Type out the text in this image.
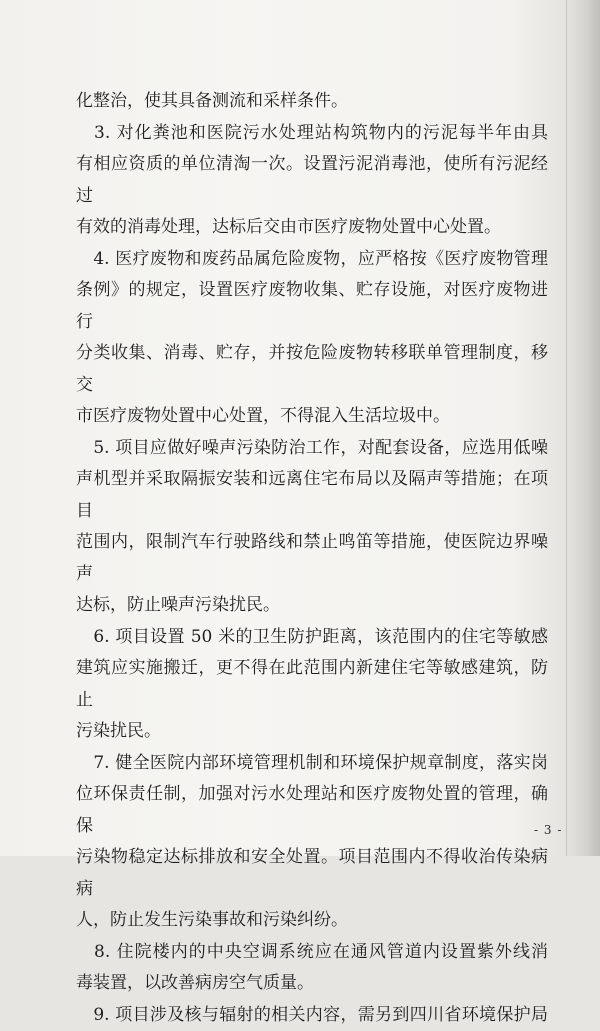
化整治，使其具备测流和采样条件。

　3. 对化粪池和医院污水处理站构筑物内的污泥每半年由具

有相应资质的单位清淘一次。设置污泥消毒池，使所有污泥经过

有效的消毒处理，达标后交由市医疗废物处置中心处置。

　4. 医疗废物和废药品属危险废物，应严格按《医疗废物管理

条例》的规定，设置医疗废物收集、贮存设施，对医疗废物进行

分类收集、消毒、贮存，并按危险废物转移联单管理制度，移交

市医疗废物处置中心处置，不得混入生活垃圾中。

　5. 项目应做好噪声污染防治工作，对配套设备，应选用低噪

声机型并采取隔振安装和远离住宅布局以及隔声等措施；在项目

范围内，限制汽车行驶路线和禁止鸣笛等措施，使医院边界噪声

达标，防止噪声污染扰民。

　6. 项目设置 50 米的卫生防护距离，该范围内的住宅等敏感

建筑应实施搬迁，更不得在此范围内新建住宅等敏感建筑，防止

污染扰民。

　7. 健全医院内部环境管理机制和环境保护规章制度，落实岗

位环保责任制，加强对污水处理站和医疗废物处置的管理，确保

污染物稳定达标排放和安全处置。项目范围内不得收治传染病病

人，防止发生污染事故和污染纠纷。

　8. 住院楼内的中央空调系统应在通风管道内设置紫外线消

毒装置，以改善病房空气质量。

　9. 项目涉及核与辐射的相关内容，需另到四川省环境保护局

- 3 -
